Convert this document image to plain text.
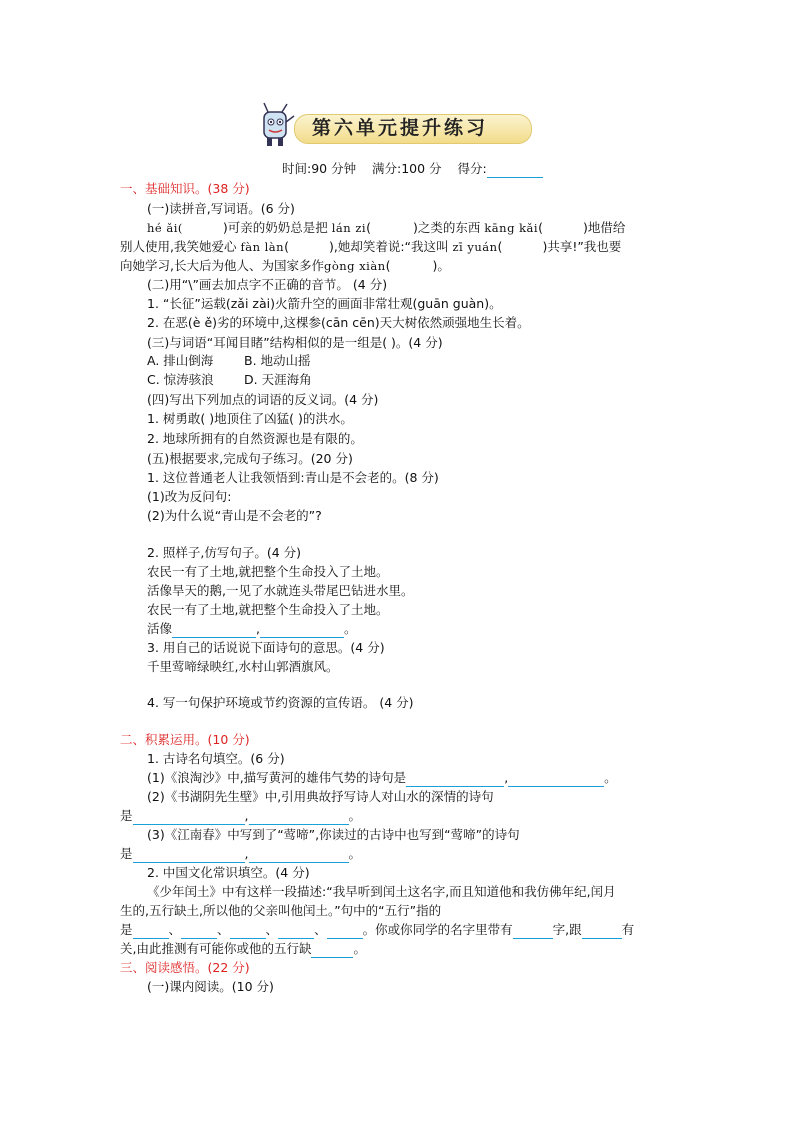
第六单元提升练习
时间:90 分钟 满分:100 分 得分:
一、基础知识。(38 分)
(一)读拼音,写词语。(6 分)
hé ǎi(	)可亲的奶奶总是把 lán zi(	)之类的东西 kāng kǎi(	)地借给
别人使用,我笑她爱心 fàn làn(	),她却笑着说:“我这叫 zī yuán(	)共享!”我也要
向她学习,长大后为他人、为国家多作gòng xiàn(	)。
(二)用“\”画去加点字不正确的音节。 (4 分)
1. “长征”运载(zǎi zài)火箭升空的画面非常壮观(guān guàn)。
2. 在恶(è ě)劣的环境中,这棵参(cān cēn)天大树依然顽强地生长着。
(三)与词语“耳闻目睹”结构相似的是一组是( )。(4 分)
A. 排山倒海 B. 地动山摇
C. 惊涛骇浪 D. 天涯海角
(四)写出下列加点的词语的反义词。(4 分)
1. 树勇敢( )地顶住了凶猛( )的洪水。
2. 地球所拥有的自然资源也是有限的。
(五)根据要求,完成句子练习。(20 分)
1. 这位普通老人让我领悟到:青山是不会老的。(8 分)
(1)改为反问句:
(2)为什么说“青山是不会老的”?
2. 照样子,仿写句子。(4 分)
农民一有了土地,就把整个生命投入了土地。
活像旱天的鹅,一见了水就连头带尾巴钻进水里。
农民一有了土地,就把整个生命投入了土地。
活像	,	。
3. 用自己的话说说下面诗句的意思。(4 分)
千里莺啼绿映红,水村山郭酒旗风。
4. 写一句保护环境或节约资源的宣传语。 (4 分)
二、积累运用。(10 分)
1. 古诗名句填空。(6 分)
(1)《浪淘沙》中,描写黄河的雄伟气势的诗句是	,	。
(2)《书湖阴先生壁》中,引用典故抒写诗人对山水的深情的诗句
是	,	。
(3)《江南春》中写到了“莺啼”,你读过的古诗中也写到“莺啼”的诗句
是	,	。
2. 中国文化常识填空。(4 分)
《少年闰土》中有这样一段描述:“我早听到闰土这名字,而且知道他和我仿佛年纪,闰月
生的,五行缺土,所以他的父亲叫他闰土。”句中的“五行”指的
是	、	、	、	、	。你或你同学的名字里带有	字,跟	有
关,由此推测有可能你或他的五行缺	。
三、阅读感悟。(22 分)
(一)课内阅读。(10 分)
